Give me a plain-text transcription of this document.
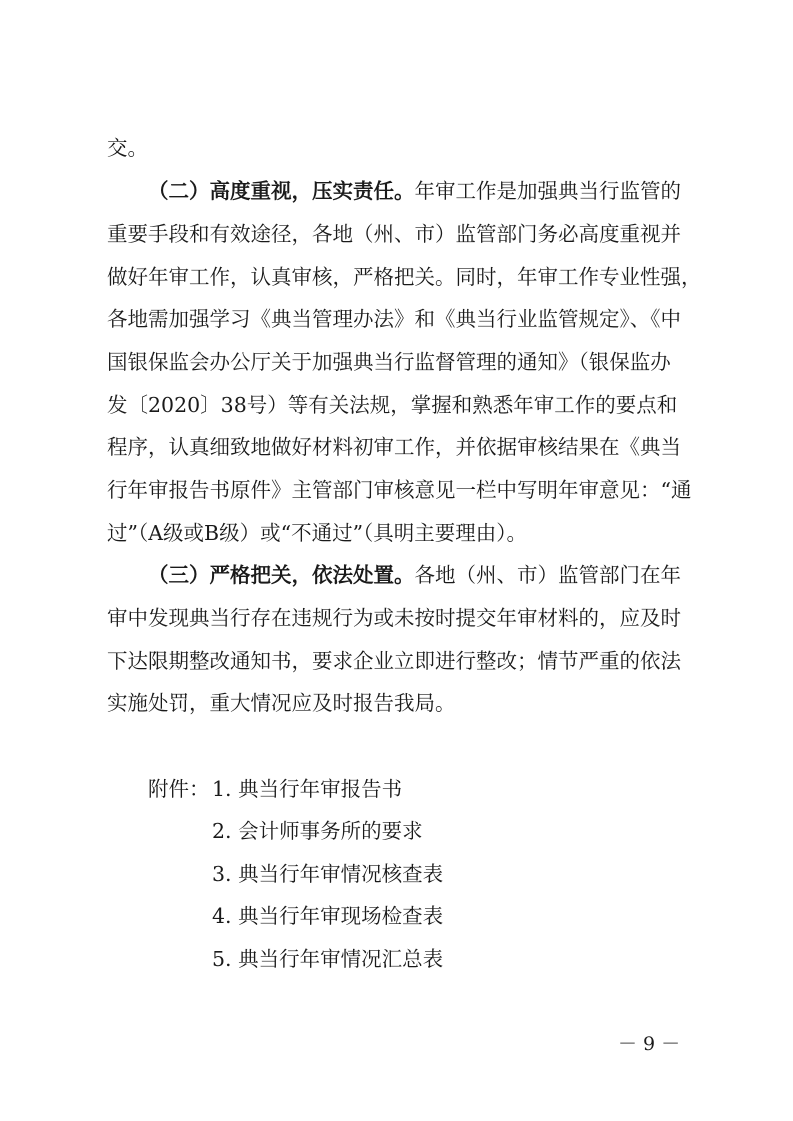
交。
（二）高度重视，压实责任。年审工作是加强典当行监管的
重要手段和有效途径，各地（州、市）监管部门务必高度重视并
做好年审工作，认真审核，严格把关。同时，年审工作专业性强，
各地需加强学习《典当管理办法》和《典当行业监管规定》、《中
国银保监会办公厅关于加强典当行监督管理的通知》（银保监办
发〔2020〕38号）等有关法规，掌握和熟悉年审工作的要点和
程序，认真细致地做好材料初审工作，并依据审核结果在《典当
行年审报告书原件》主管部门审核意见一栏中写明年审意见：“通
过”（A级或B级）或“不通过”（具明主要理由）。
（三）严格把关，依法处置。各地（州、市）监管部门在年
审中发现典当行存在违规行为或未按时提交年审材料的，应及时
下达限期整改通知书，要求企业立即进行整改；情节严重的依法
实施处罚，重大情况应及时报告我局。
附件： 1. 典当行年审报告书
2. 会计师事务所的要求
3. 典当行年审情况核查表
4. 典当行年审现场检查表
5. 典当行年审情况汇总表
－ 9 －
